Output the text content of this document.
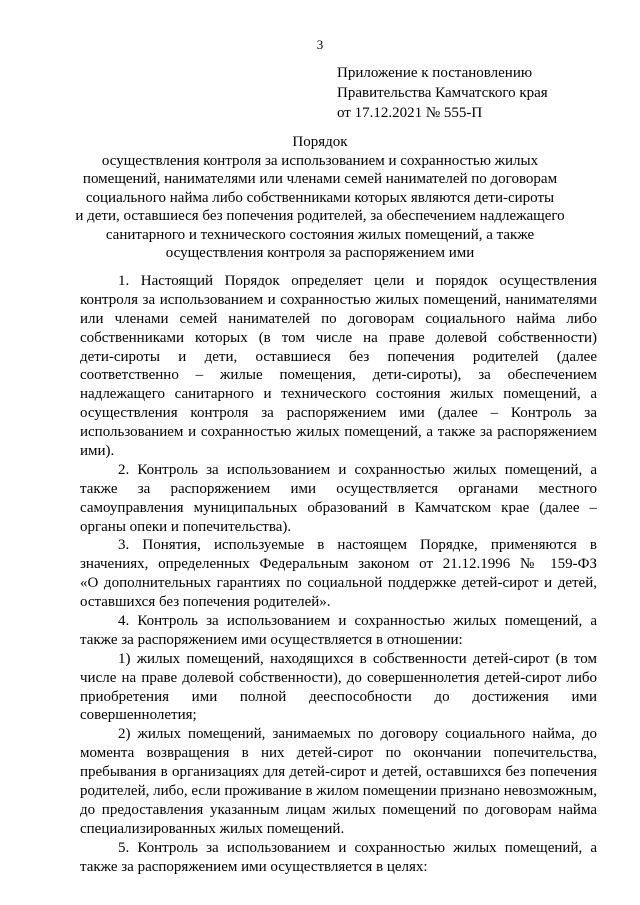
3
Приложение к постановлению
Правительства Камчатского края
от 17.12.2021 № 555-П
Порядок
осуществления контроля за использованием и сохранностью жилых
помещений, нанимателями или членами семей нанимателей по договорам
социального найма либо собственниками которых являются дети-сироты
и дети, оставшиеся без попечения родителей, за обеспечением надлежащего
санитарного и технического состояния жилых помещений, а также
осуществления контроля за распоряжением ими
1. Настоящий Порядок определяет цели и порядок осуществления
контроля за использованием и сохранностью жилых помещений, нанимателями
или членами семей нанимателей по договорам социального найма либо
собственниками которых (в том числе на праве долевой собственности)
дети-сироты и дети, оставшиеся без попечения родителей (далее
соответственно – жилые помещения, дети-сироты), за обеспечением
надлежащего санитарного и технического состояния жилых помещений, а
осуществления контроля за распоряжением ими (далее – Контроль за
использованием и сохранностью жилых помещений, а также за распоряжением
ими).
2. Контроль за использованием и сохранностью жилых помещений, а
также за распоряжением ими осуществляется органами местного
самоуправления муниципальных образований в Камчатском крае (далее –
органы опеки и попечительства).
3. Понятия, используемые в настоящем Порядке, применяются в
значениях, определенных Федеральным законом от 21.12.1996 № 159-ФЗ
«О дополнительных гарантиях по социальной поддержке детей-сирот и детей,
оставшихся без попечения родителей».
4. Контроль за использованием и сохранностью жилых помещений, а
также за распоряжением ими осуществляется в отношении:
1) жилых помещений, находящихся в собственности детей-сирот (в том
числе на праве долевой собственности), до совершеннолетия детей-сирот либо
приобретения ими полной дееспособности до достижения ими
совершеннолетия;
2) жилых помещений, занимаемых по договору социального найма, до
момента возвращения в них детей-сирот по окончании попечительства,
пребывания в организациях для детей-сирот и детей, оставшихся без попечения
родителей, либо, если проживание в жилом помещении признано невозможным,
до предоставления указанным лицам жилых помещений по договорам найма
специализированных жилых помещений.
5. Контроль за использованием и сохранностью жилых помещений, а
также за распоряжением ими осуществляется в целях:
